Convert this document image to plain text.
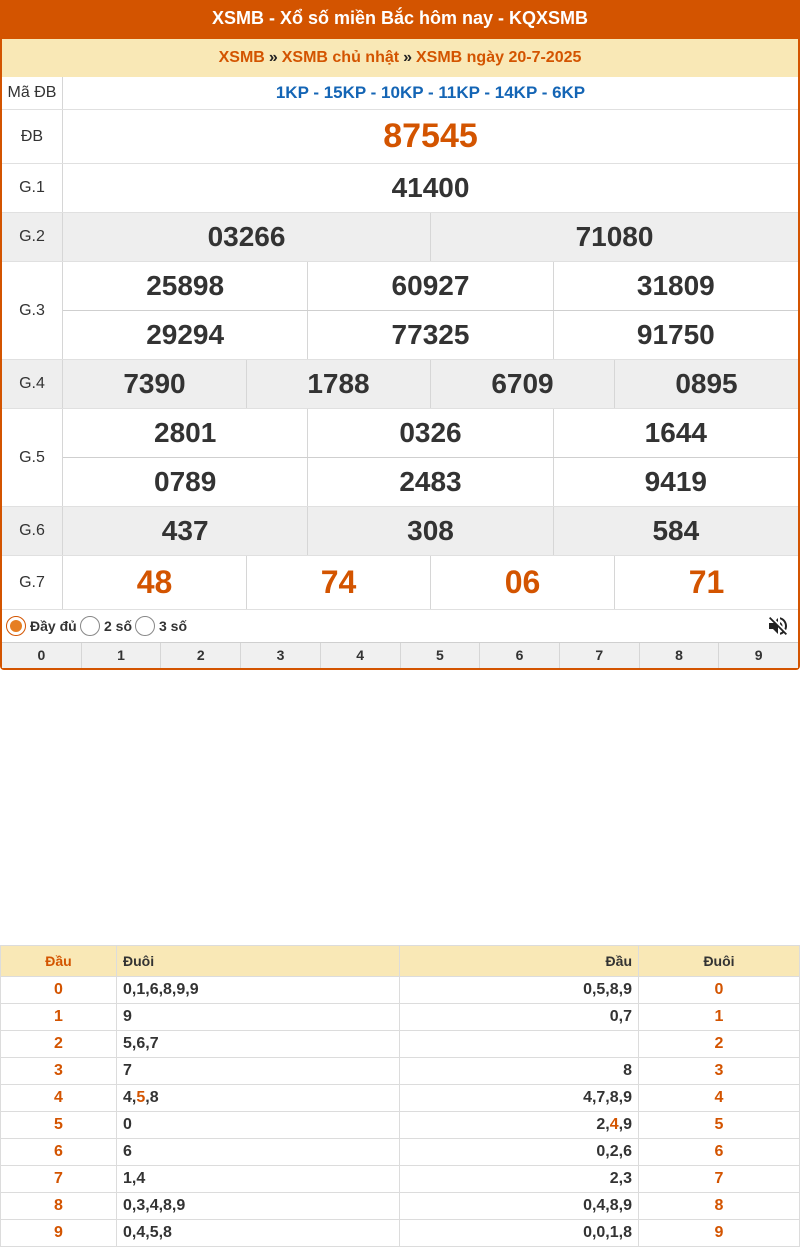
XSMB - Xổ số miền Bắc hôm nay - KQXSMB
XSMB » XSMB chủ nhật » XSMB ngày 20-7-2025
Mã ĐB	1KP - 15KP - 10KP - 11KP - 14KP - 6KP
ĐB	87545
G.1	41400
G.2	03266	71080
G.3
25898	60927	31809
29294	77325	91750
G.4	7390	1788	6709	0895
G.5
2801	0326	1644
0789	2483	9419
G.6	437	308	584
G.7	48	74	06	71
Đầy đủ 2 số 3 số
0	1	2	3	4	5	6	7	8	9
Đầu	Đuôi	Đầu	Đuôi
0	0,1,6,8,9,9	0,5,8,9	0
1	9	0,7	1
2	5,6,7		2
3	7	8	3
4	4,5,8	4,7,8,9	4
5	0	2,4,9	5
6	6	0,2,6	6
7	1,4	2,3	7
8	0,3,4,8,9	0,4,8,9	8
9	0,4,5,8	0,0,1,8	9
